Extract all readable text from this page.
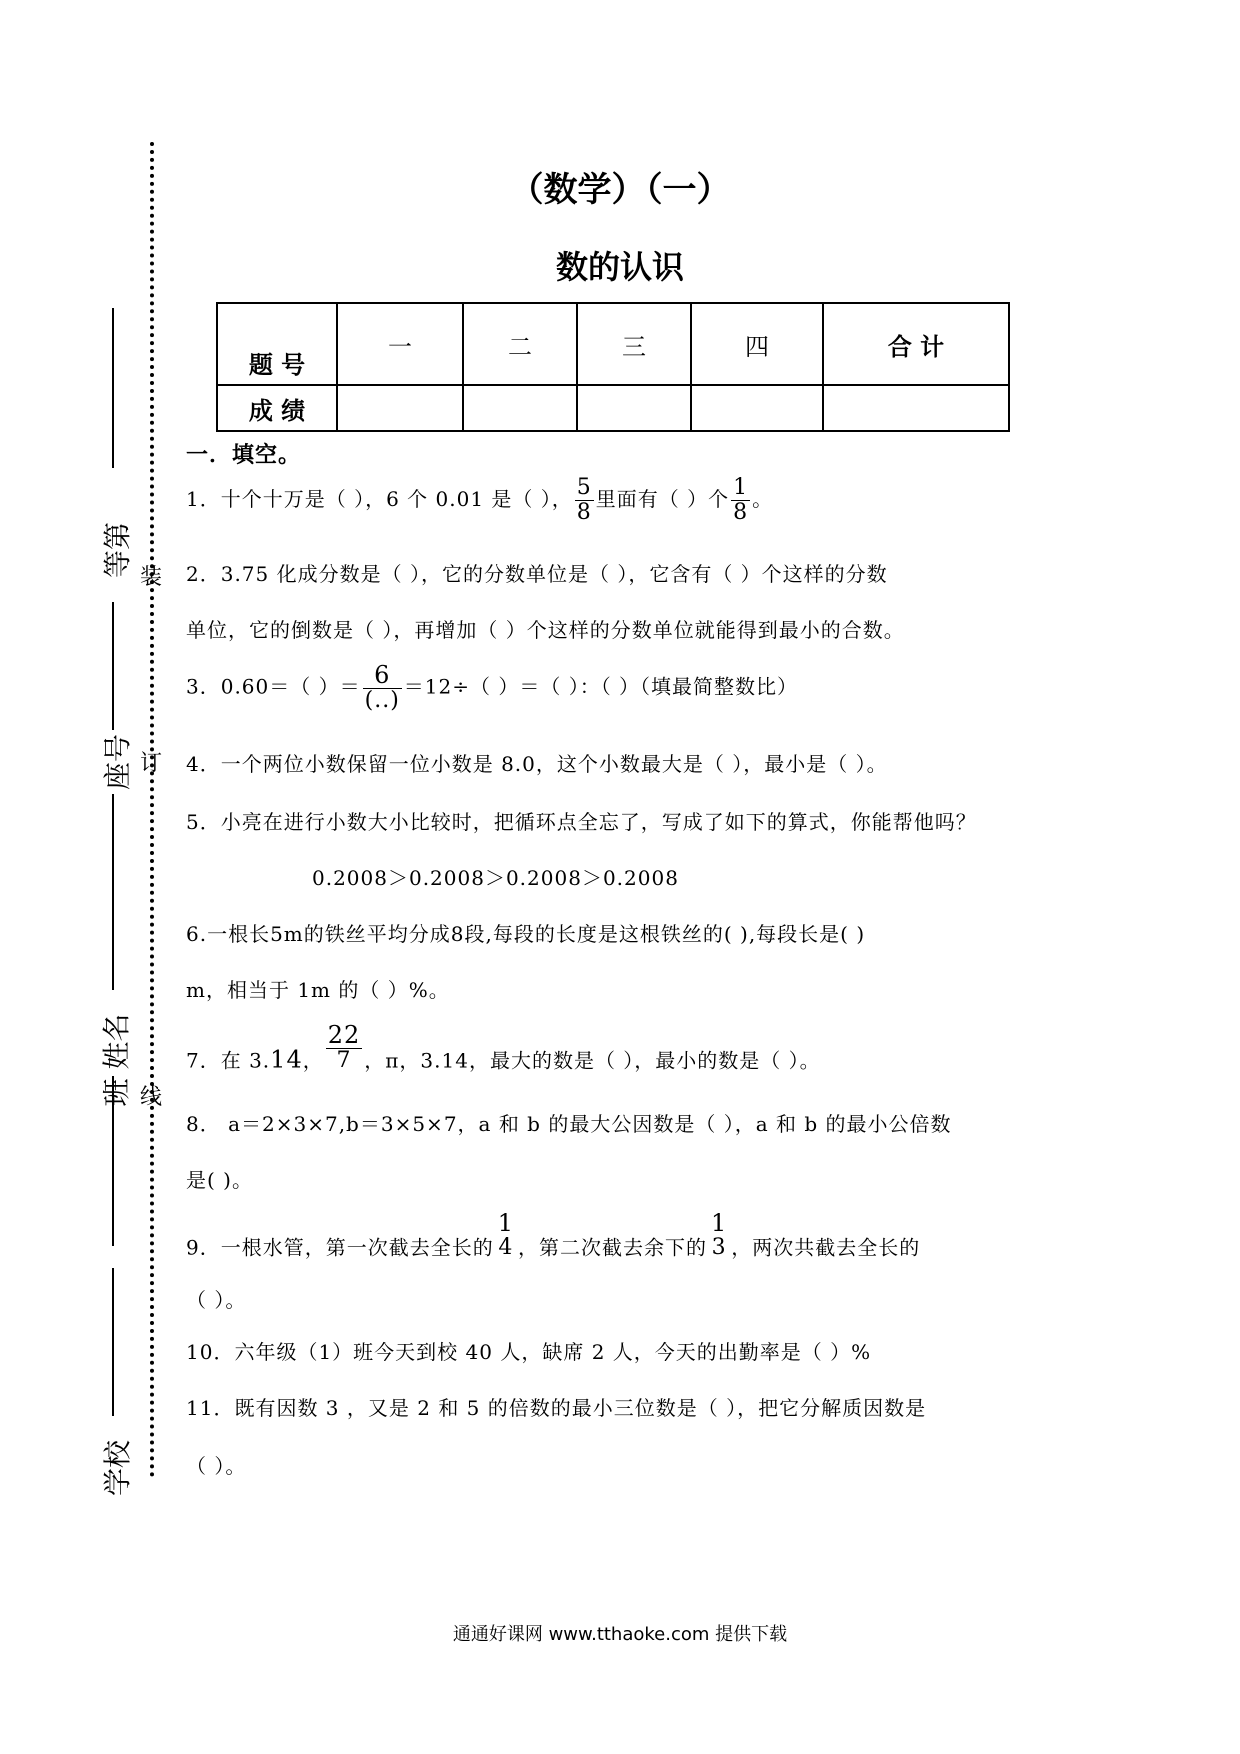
等第
座号
班 姓名
学校
装
订
线
（数学）（一）
数的认识
题 号	一	二	三	四	合 计
成 绩					
一．填空。
1．十个十万是（ ），6 个 0.01 是（ ）， $\frac{5}{8}$ 里面有（ ）个 $\frac{1}{8}$ 。
2．3.75 化成分数是（ ），它的分数单位是（ ），它含有（ ）个这样的分数
单位，它的倒数是（ ），再增加（ ）个这样的分数单位就能得到最小的合数。
3．0.60＝（ ）＝ $\frac{6}{(..)} =12\div$（ ）＝（ ）：（ ）（填最简整数比）
4．一个两位小数保留一位小数是 8.0，这个小数最大是（ ），最小是（ ）。
5．小亮在进行小数大小比较时，把循环点全忘了，写成了如下的算式，你能帮他吗？
0.2008＞0.2008＞0.2008＞0.2008
6.一根长5m的铁丝平均分成8段,每段的长度是这根铁丝的( ),每段长是( )
m，相当于 1m 的（ ）%。
7．在 3.14， $\frac{22}{7}$ ，π，3.14，最大的数是（ ），最小的数是（ ）。
8． a＝2×3×7,b＝3×5×7，a 和 b 的最大公因数是（ ），a 和 b 的最小公倍数
是( )。
9．一根水管，第一次截去全长的
1
4 ，第二次截去余下的
1
3 ，两次共截去全长的
（ ）。
10．六年级（1）班今天到校 40 人，缺席 2 人，今天的出勤率是（ ）%
11．既有因数 3 ，又是 2 和 5 的倍数的最小三位数是（ ），把它分解质因数是
（ ）。
通通好课网 www.tthaoke.com 提供下载
